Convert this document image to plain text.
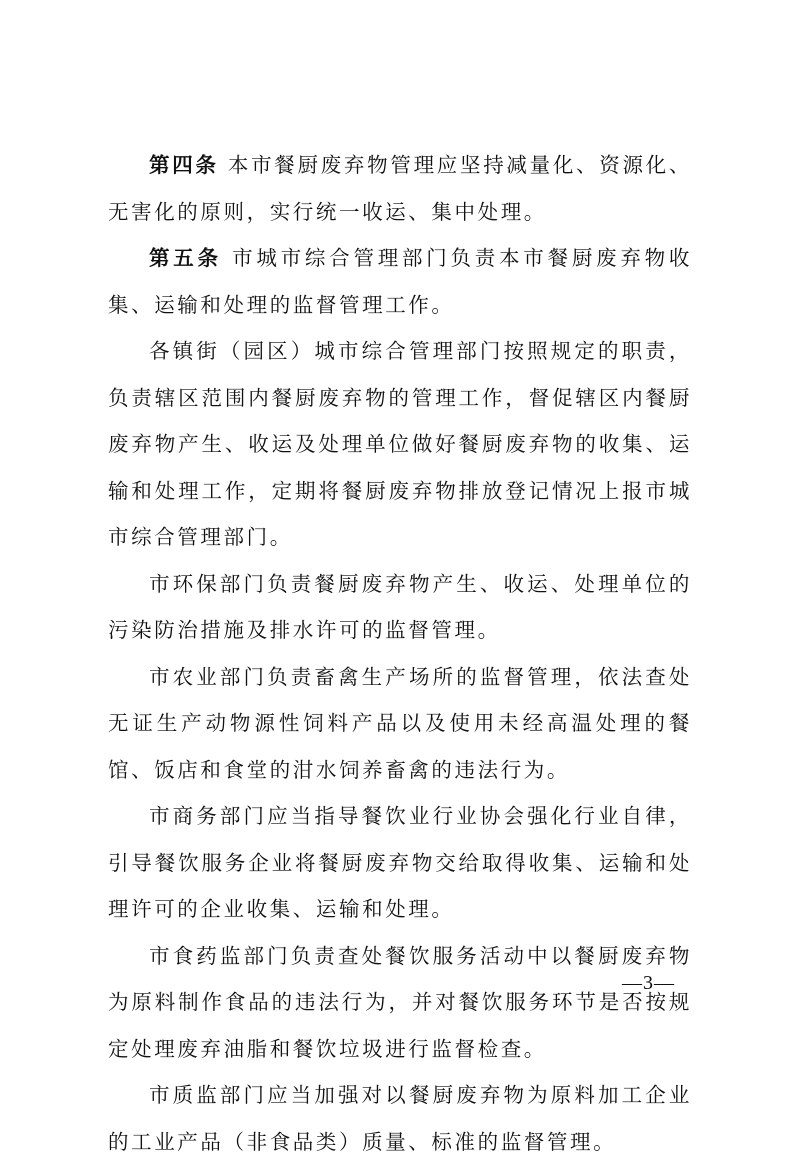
第四条 本市餐厨废弃物管理应坚持减量化、资源化、无害化的原则，实行统一收运、集中处理。

第五条 市城市综合管理部门负责本市餐厨废弃物收集、运输和处理的监督管理工作。

各镇街（园区）城市综合管理部门按照规定的职责，负责辖区范围内餐厨废弃物的管理工作，督促辖区内餐厨废弃物产生、收运及处理单位做好餐厨废弃物的收集、运输和处理工作，定期将餐厨废弃物排放登记情况上报市城市综合管理部门。

市环保部门负责餐厨废弃物产生、收运、处理单位的污染防治措施及排水许可的监督管理。

市农业部门负责畜禽生产场所的监督管理，依法查处无证生产动物源性饲料产品以及使用未经高温处理的餐馆、饭店和食堂的泔水饲养畜禽的违法行为。

市商务部门应当指导餐饮业行业协会强化行业自律，引导餐饮服务企业将餐厨废弃物交给取得收集、运输和处理许可的企业收集、运输和处理。

市食药监部门负责查处餐饮服务活动中以餐厨废弃物为原料制作食品的违法行为，并对餐饮服务环节是否按规定处理废弃油脂和餐饮垃圾进行监督检查。

市质监部门应当加强对以餐厨废弃物为原料加工企业的工业产品（非食品类）质量、标准的监督管理。

—3—
